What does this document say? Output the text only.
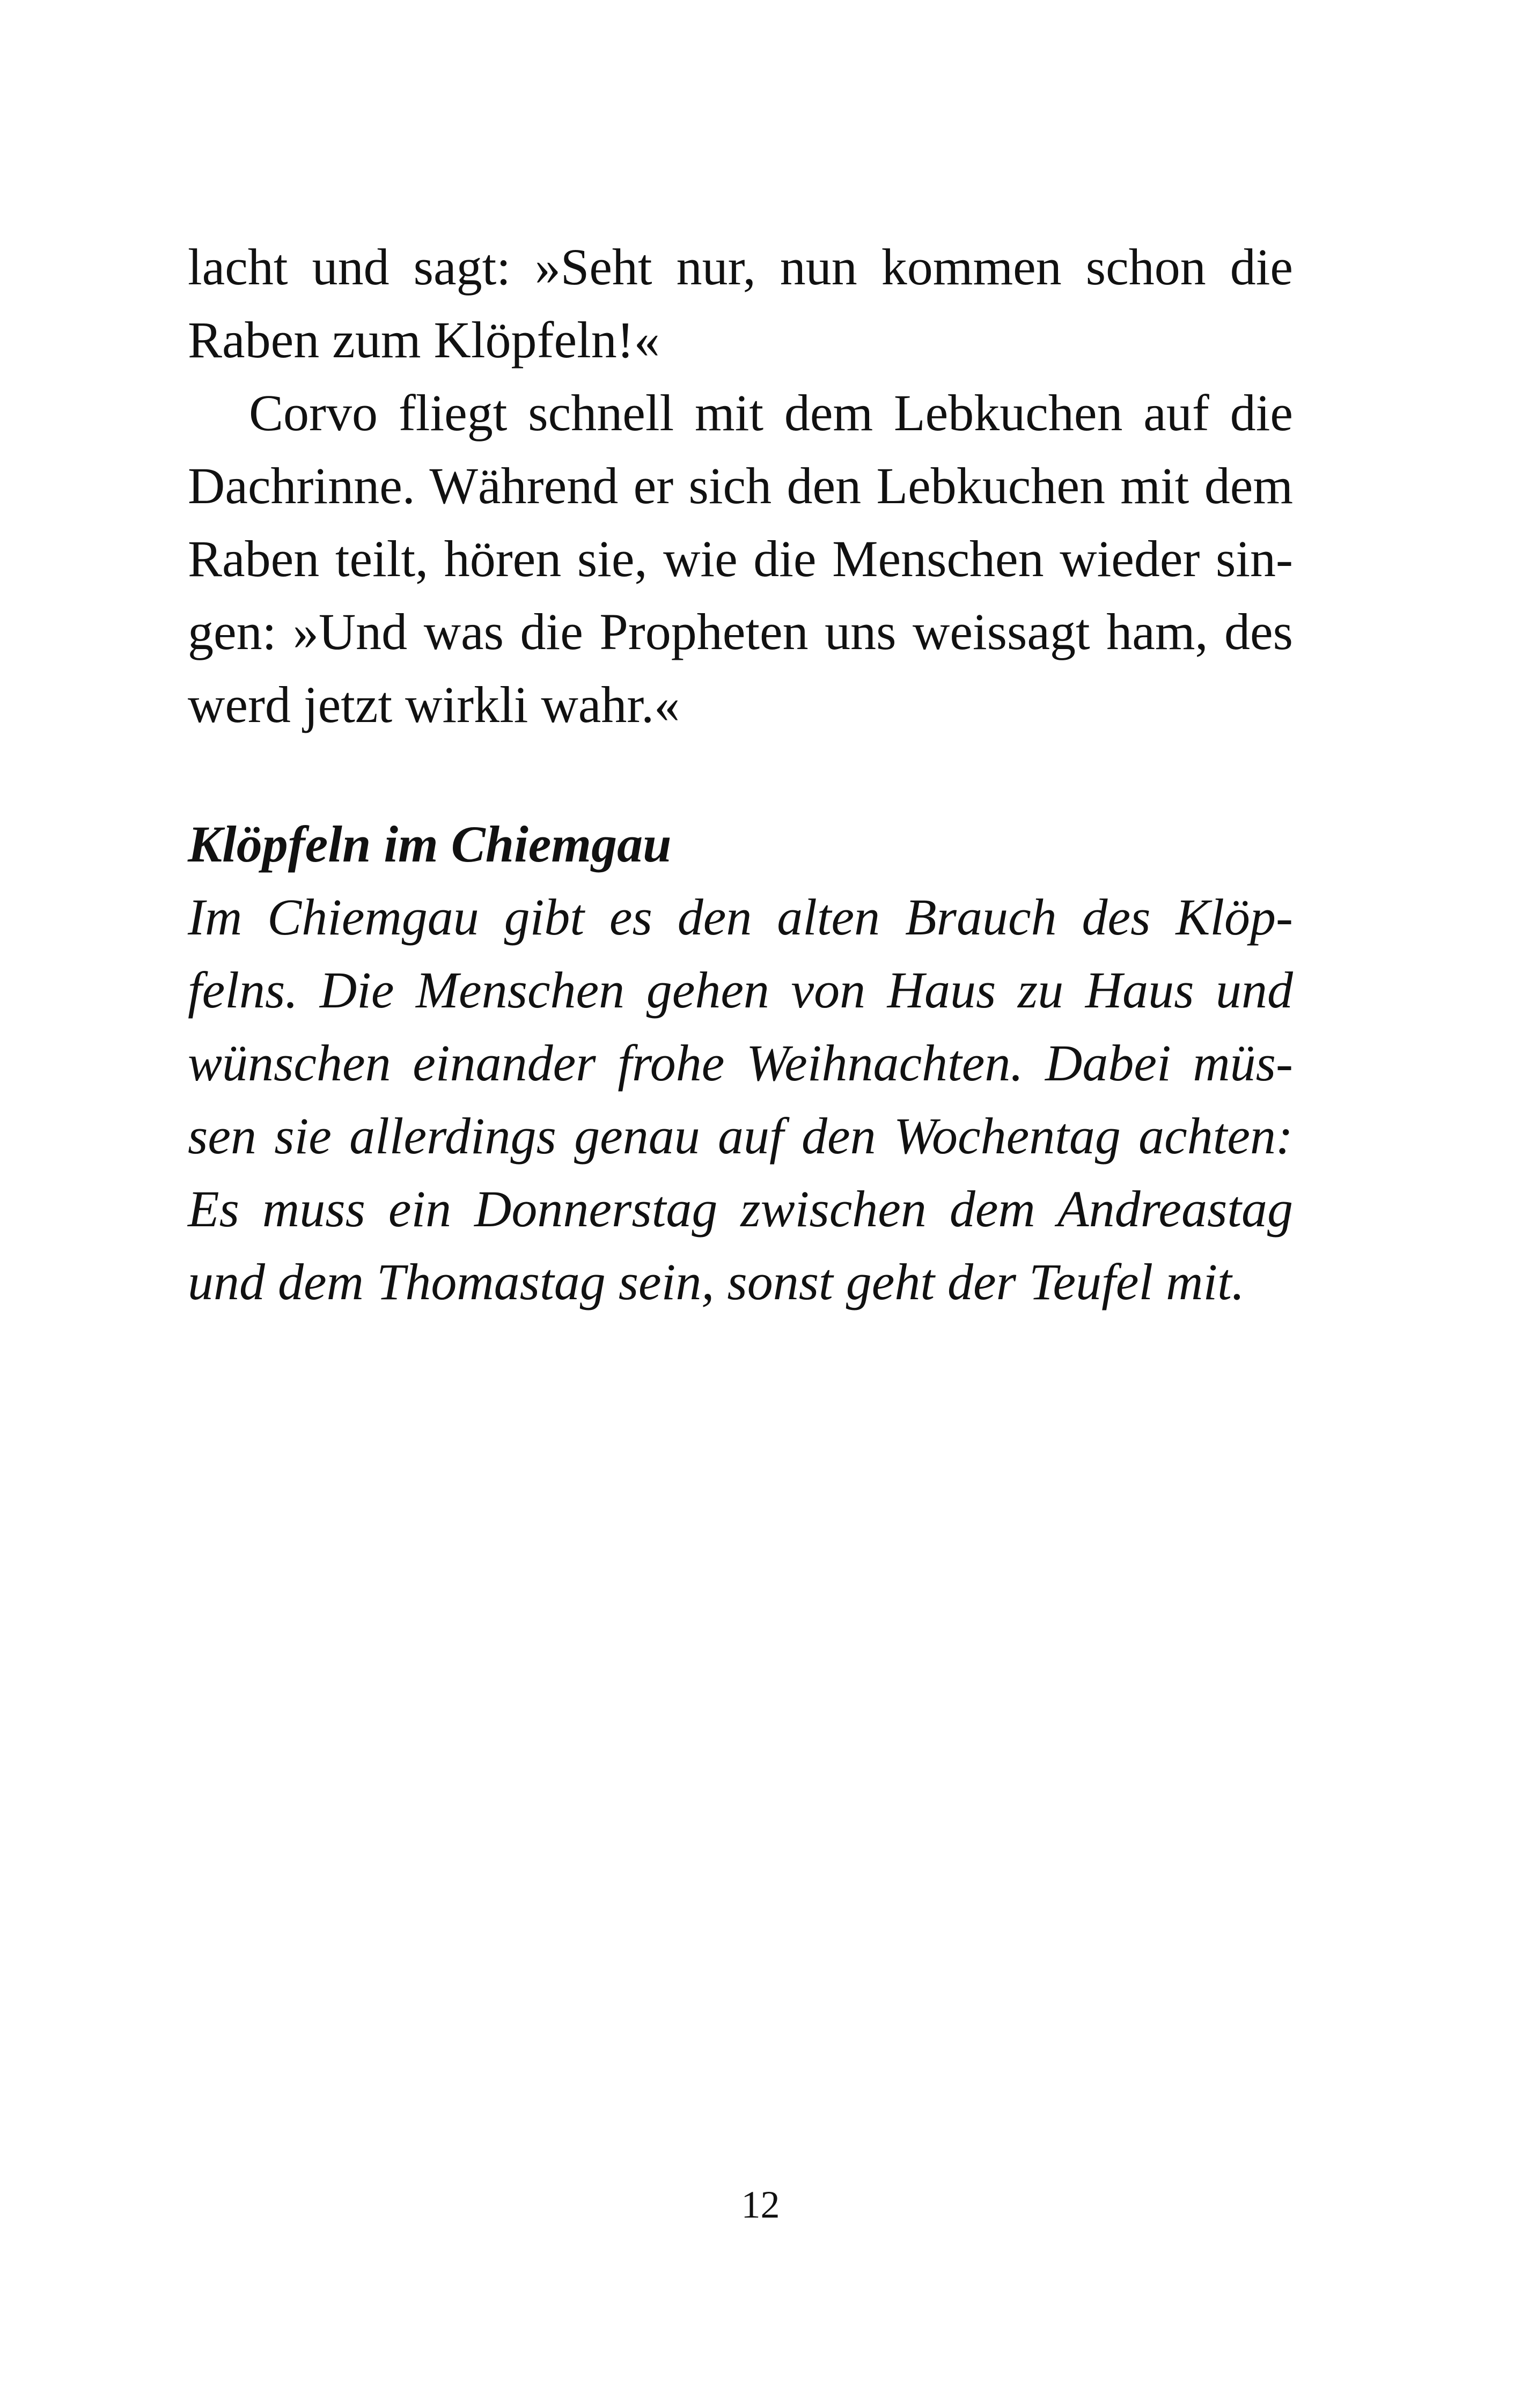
lacht und sagt: »Seht nur, nun kommen schon die
Raben zum Klöpfeln!«
Corvo fliegt schnell mit dem Lebkuchen auf die
Dachrinne. Während er sich den Lebkuchen mit dem
Raben teilt, hören sie, wie die Menschen wieder sin-
gen: »Und was die Propheten uns weissagt ham, des
werd jetzt wirkli wahr.«
Klöpfeln im Chiemgau
Im Chiemgau gibt es den alten Brauch des Klöp-
felns. Die Menschen gehen von Haus zu Haus und
wünschen einander frohe Weihnachten. Dabei müs-
sen sie allerdings genau auf den Wochentag achten:
Es muss ein Donnerstag zwischen dem Andreastag
und dem Thomastag sein, sonst geht der Teufel mit.
12
